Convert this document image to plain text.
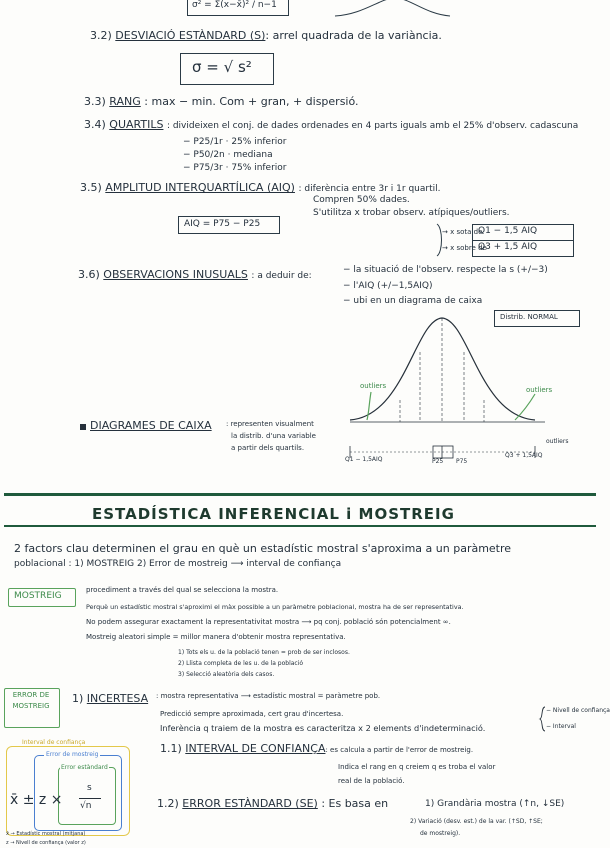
σ² = Σ(x−x̄)² / n−1
3.2) DESVIACIÓ ESTÀNDARD (S): arrel quadrada de la variància.
σ = √ s²
3.3) RANG : max − min. Com + gran, + dispersió.
3.4) QUARTILS : divideixen el conj. de dades ordenades en 4 parts iguals amb el 25% d'observ. cadascuna
− P25/1r · 25% inferior
− P50/2n · mediana
− P75/3r · 75% inferior
3.5) AMPLITUD INTERQUARTÍLICA (AIQ) : diferència entre 3r i 1r quartil.
Compren 50% dades.
S'utilitza x trobar observ. atípiques/outliers.
AIQ = P75 − P25
→ x sota de
Q1 − 1,5 AIQ
→ x sobre de
Q3 + 1,5 AIQ
3.6) OBSERVACIONS INUSUALS : a deduir de:
− la situació de l'observ. respecte la s (+/−3)
− l'AIQ (+/−1,5AIQ)
− ubi en un diagrama de caixa
Distrib. NORMAL
outliers	outliers
outliers
Q1 − 1,5AIQ	P25 P75
Q3 + 1,5AIQ
DIAGRAMES DE CAIXA : representen visualment
la distrib. d'una variable
a partir dels quartils.
ESTADÍSTICA INFERENCIAL i MOSTREIG
2 factors clau determinen el grau en què un estadístic mostral s'aproxima a un paràmetre
poblacional : 1) MOSTREIG 2) Error de mostreig ⟶ interval de confiança
MOSTREIG
procediment a través del qual se selecciona la mostra.
Perquè un estadístic mostral s'aproximi el màx possible a un paràmetre poblacional, mostra ha de ser representativa.
No podem assegurar exactament la representativitat mostra ⟶ pq conj. població són potencialment ∞.
Mostreig aleatori simple = millor manera d'obtenir mostra representativa.
1) Tots els u. de la població tenen = prob de ser inclosos.
2) Llista completa de les u. de la població
3) Selecció aleatòria dels casos.
ERROR DE MOSTREIG
1) INCERTESA : mostra representativa ⟶ estadístic mostral = paràmetre pob.
Predicció sempre aproximada, cert grau d'incertesa.
Inferència q traiem de la mostra es caracteritza x 2 elements d'indeterminació.
− Nivell de confiança
− Interval
1.1) INTERVAL DE CONFIANÇA: es calcula a partir de l'error de mostreig.
Indica el rang en q creiem q es troba el valor
real de la població.
1.2) ERROR ESTÀNDARD (SE) : Es basa en	1) Grandària mostra (↑n, ↓SE)
2) Variació (desv. est.) de la var. (↑SD, ↑SE;
de mostreig).
Interval de confiança
Error de mostreig
Error estàndard
x̄ ± z ×
s
√n
x̄ → Estadístic mostral (mitjana)
z → Nivell de confiança (valor z)
